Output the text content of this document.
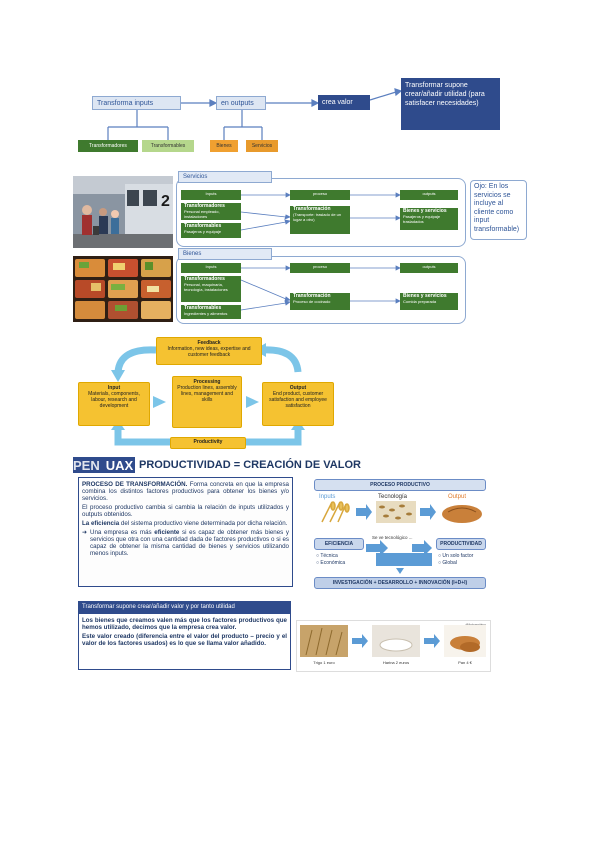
Transforma inputs	en outputs	crea valor
Transformar supone crear/añadir utilidad (para satisfacer necesidades)
Transformadores	Transformables	Bienes	Servicios
2
Servicios
Inputs	proceso	outputs
Transformadores
Personal empleado, instalaciones
Transformables
Pasajeros y equipaje
Transformación
(Transporte: traslado de un lugar a otro)
Bienes y servicios
Pasajeros y equipaje trasladados
Ojo: En los servicios se incluye al cliente como input transformable)
Bienes
Inputs	proceso	outputs
Transformadores
Personal, maquinaria, tecnología, instalaciones
Transformables
Ingredientes y alimentos
Transformación
Proceso de cocinado
Bienes y servicios
Comida preparada
Feedback
Information, new ideas, expertise and customer feedback
Input
Materials, components, labour, research and development
Processing
Production lines, assembly lines, management and skills
Output
End product, customer satisfaction and employee satisfaction
Productivity
PEN UAX PRODUCTIVIDAD = CREACIÓN DE VALOR
PROCESO DE TRANSFORMACIÓN. Forma concreta en que la empresa combina los distintos factores productivos para obtener los bienes y/o servicios.
El proceso productivo cambia si cambia la relación de inputs utilizados y outputs obtenidos.
La eficiencia del sistema productivo viene determinada por dicha relación.
➜ Una empresa es más eficiente si es capaz de obtener más bienes y servicios que otra con una cantidad dada de factores productivos o si es capaz de obtener la misma cantidad de bienes y servicios utilizando menos inputs.
PROCESO PRODUCTIVO
Inputs	Tecnología	Output
EFICIENCIA
Se ve tecnológico ...
PRODUCTIVIDAD
○ Técnica
○ Económica
○ Un solo factor
○ Global
INVESTIGACIÓN + DESARROLLO + INNOVACIÓN (I+D+I)
Transformar supone crear/añadir valor y por tanto utilidad
Los bienes que creamos valen más que los factores productivos que hemos utilizado, decimos que la empresa crea valor.
Este valor creado (diferencia entre el valor del producto – precio y el valor de los factores usados) es lo que se llama valor añadido.
Trigo 1 euro	Harina 2 euros	Pan 4 €
